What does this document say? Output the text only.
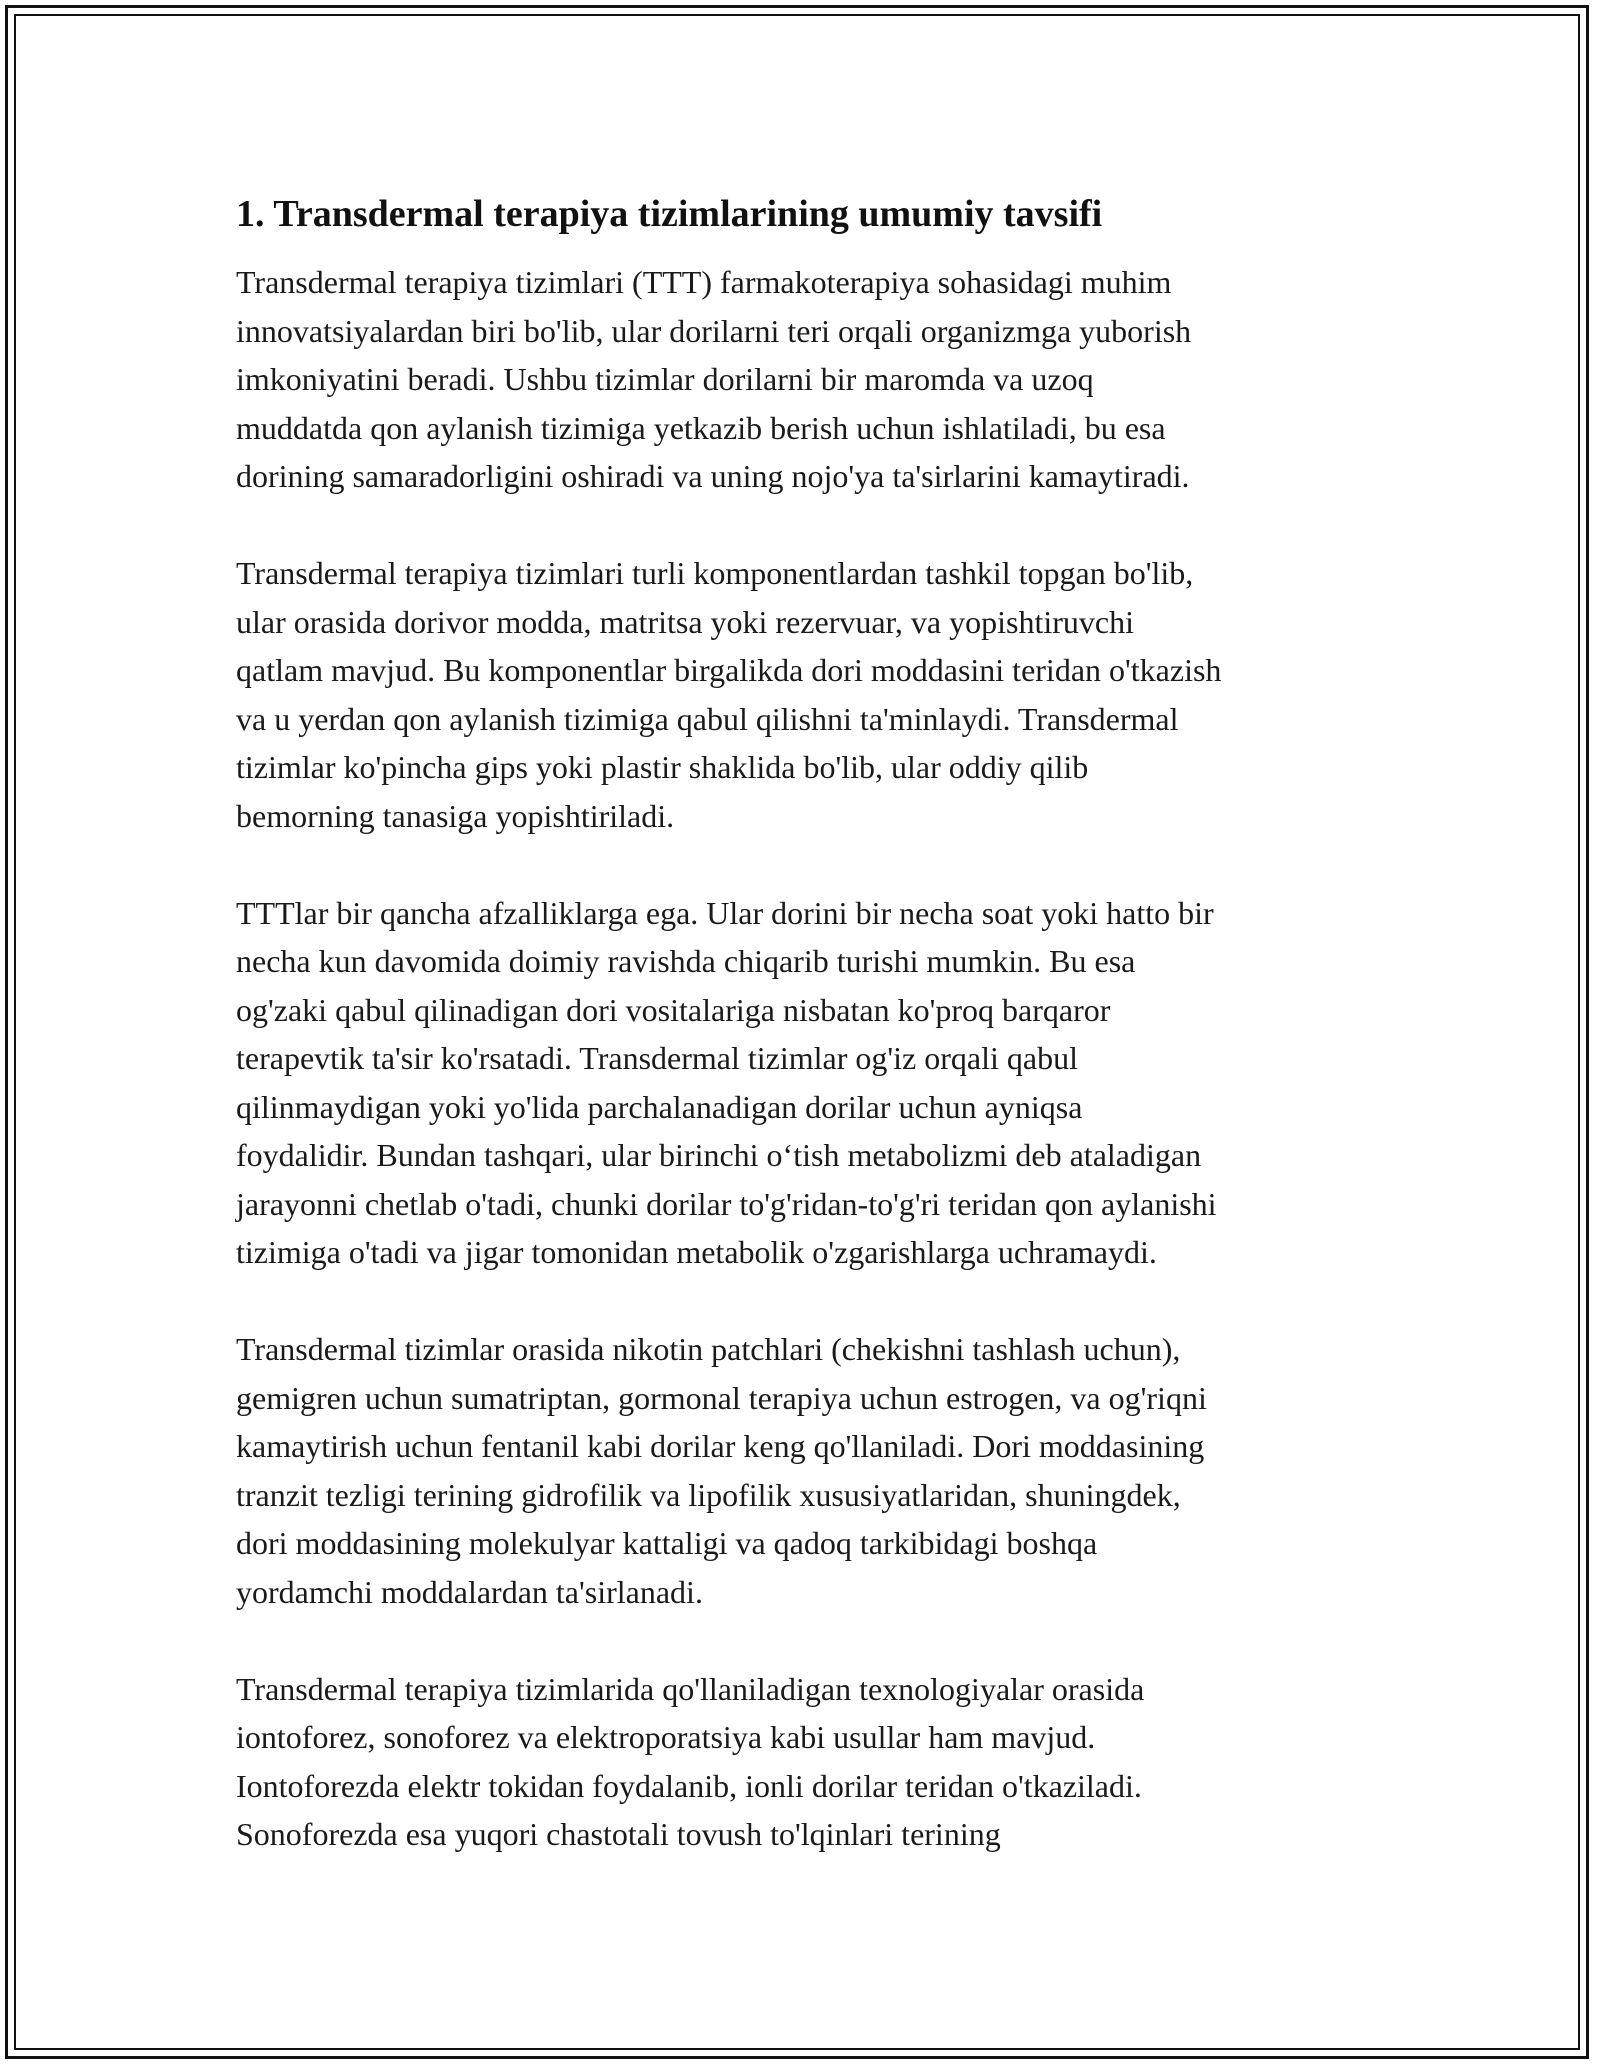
1. Transdermal terapiya tizimlarining umumiy tavsifi

Transdermal terapiya tizimlari (TTT) farmakoterapiya sohasidagi muhim
innovatsiyalardan biri bo'lib, ular dorilarni teri orqali organizmga yuborish
imkoniyatini beradi. Ushbu tizimlar dorilarni bir maromda va uzoq
muddatda qon aylanish tizimiga yetkazib berish uchun ishlatiladi, bu esa
dorining samaradorligini oshiradi va uning nojo'ya ta'sirlarini kamaytiradi.

Transdermal terapiya tizimlari turli komponentlardan tashkil topgan bo'lib,
ular orasida dorivor modda, matritsa yoki rezervuar, va yopishtiruvchi
qatlam mavjud. Bu komponentlar birgalikda dori moddasini teridan o'tkazish
va u yerdan qon aylanish tizimiga qabul qilishni ta'minlaydi. Transdermal
tizimlar ko'pincha gips yoki plastir shaklida bo'lib, ular oddiy qilib
bemorning tanasiga yopishtiriladi.

TTTlar bir qancha afzalliklarga ega. Ular dorini bir necha soat yoki hatto bir
necha kun davomida doimiy ravishda chiqarib turishi mumkin. Bu esa
og'zaki qabul qilinadigan dori vositalariga nisbatan ko'proq barqaror
terapevtik ta'sir ko'rsatadi. Transdermal tizimlar og'iz orqali qabul
qilinmaydigan yoki yo'lida parchalanadigan dorilar uchun ayniqsa
foydalidir. Bundan tashqari, ular birinchi o‘tish metabolizmi deb ataladigan
jarayonni chetlab o'tadi, chunki dorilar to'g'ridan-to'g'ri teridan qon aylanishi
tizimiga o'tadi va jigar tomonidan metabolik o'zgarishlarga uchramaydi.

Transdermal tizimlar orasida nikotin patchlari (chekishni tashlash uchun),
gemigren uchun sumatriptan, gormonal terapiya uchun estrogen, va og'riqni
kamaytirish uchun fentanil kabi dorilar keng qo'llaniladi. Dori moddasining
tranzit tezligi terining gidrofilik va lipofilik xususiyatlaridan, shuningdek,
dori moddasining molekulyar kattaligi va qadoq tarkibidagi boshqa
yordamchi moddalardan ta'sirlanadi.

Transdermal terapiya tizimlarida qo'llaniladigan texnologiyalar orasida
iontoforez, sonoforez va elektroporatsiya kabi usullar ham mavjud.
Iontoforezda elektr tokidan foydalanib, ionli dorilar teridan o'tkaziladi.
Sonoforezda esa yuqori chastotali tovush to'lqinlari terining
